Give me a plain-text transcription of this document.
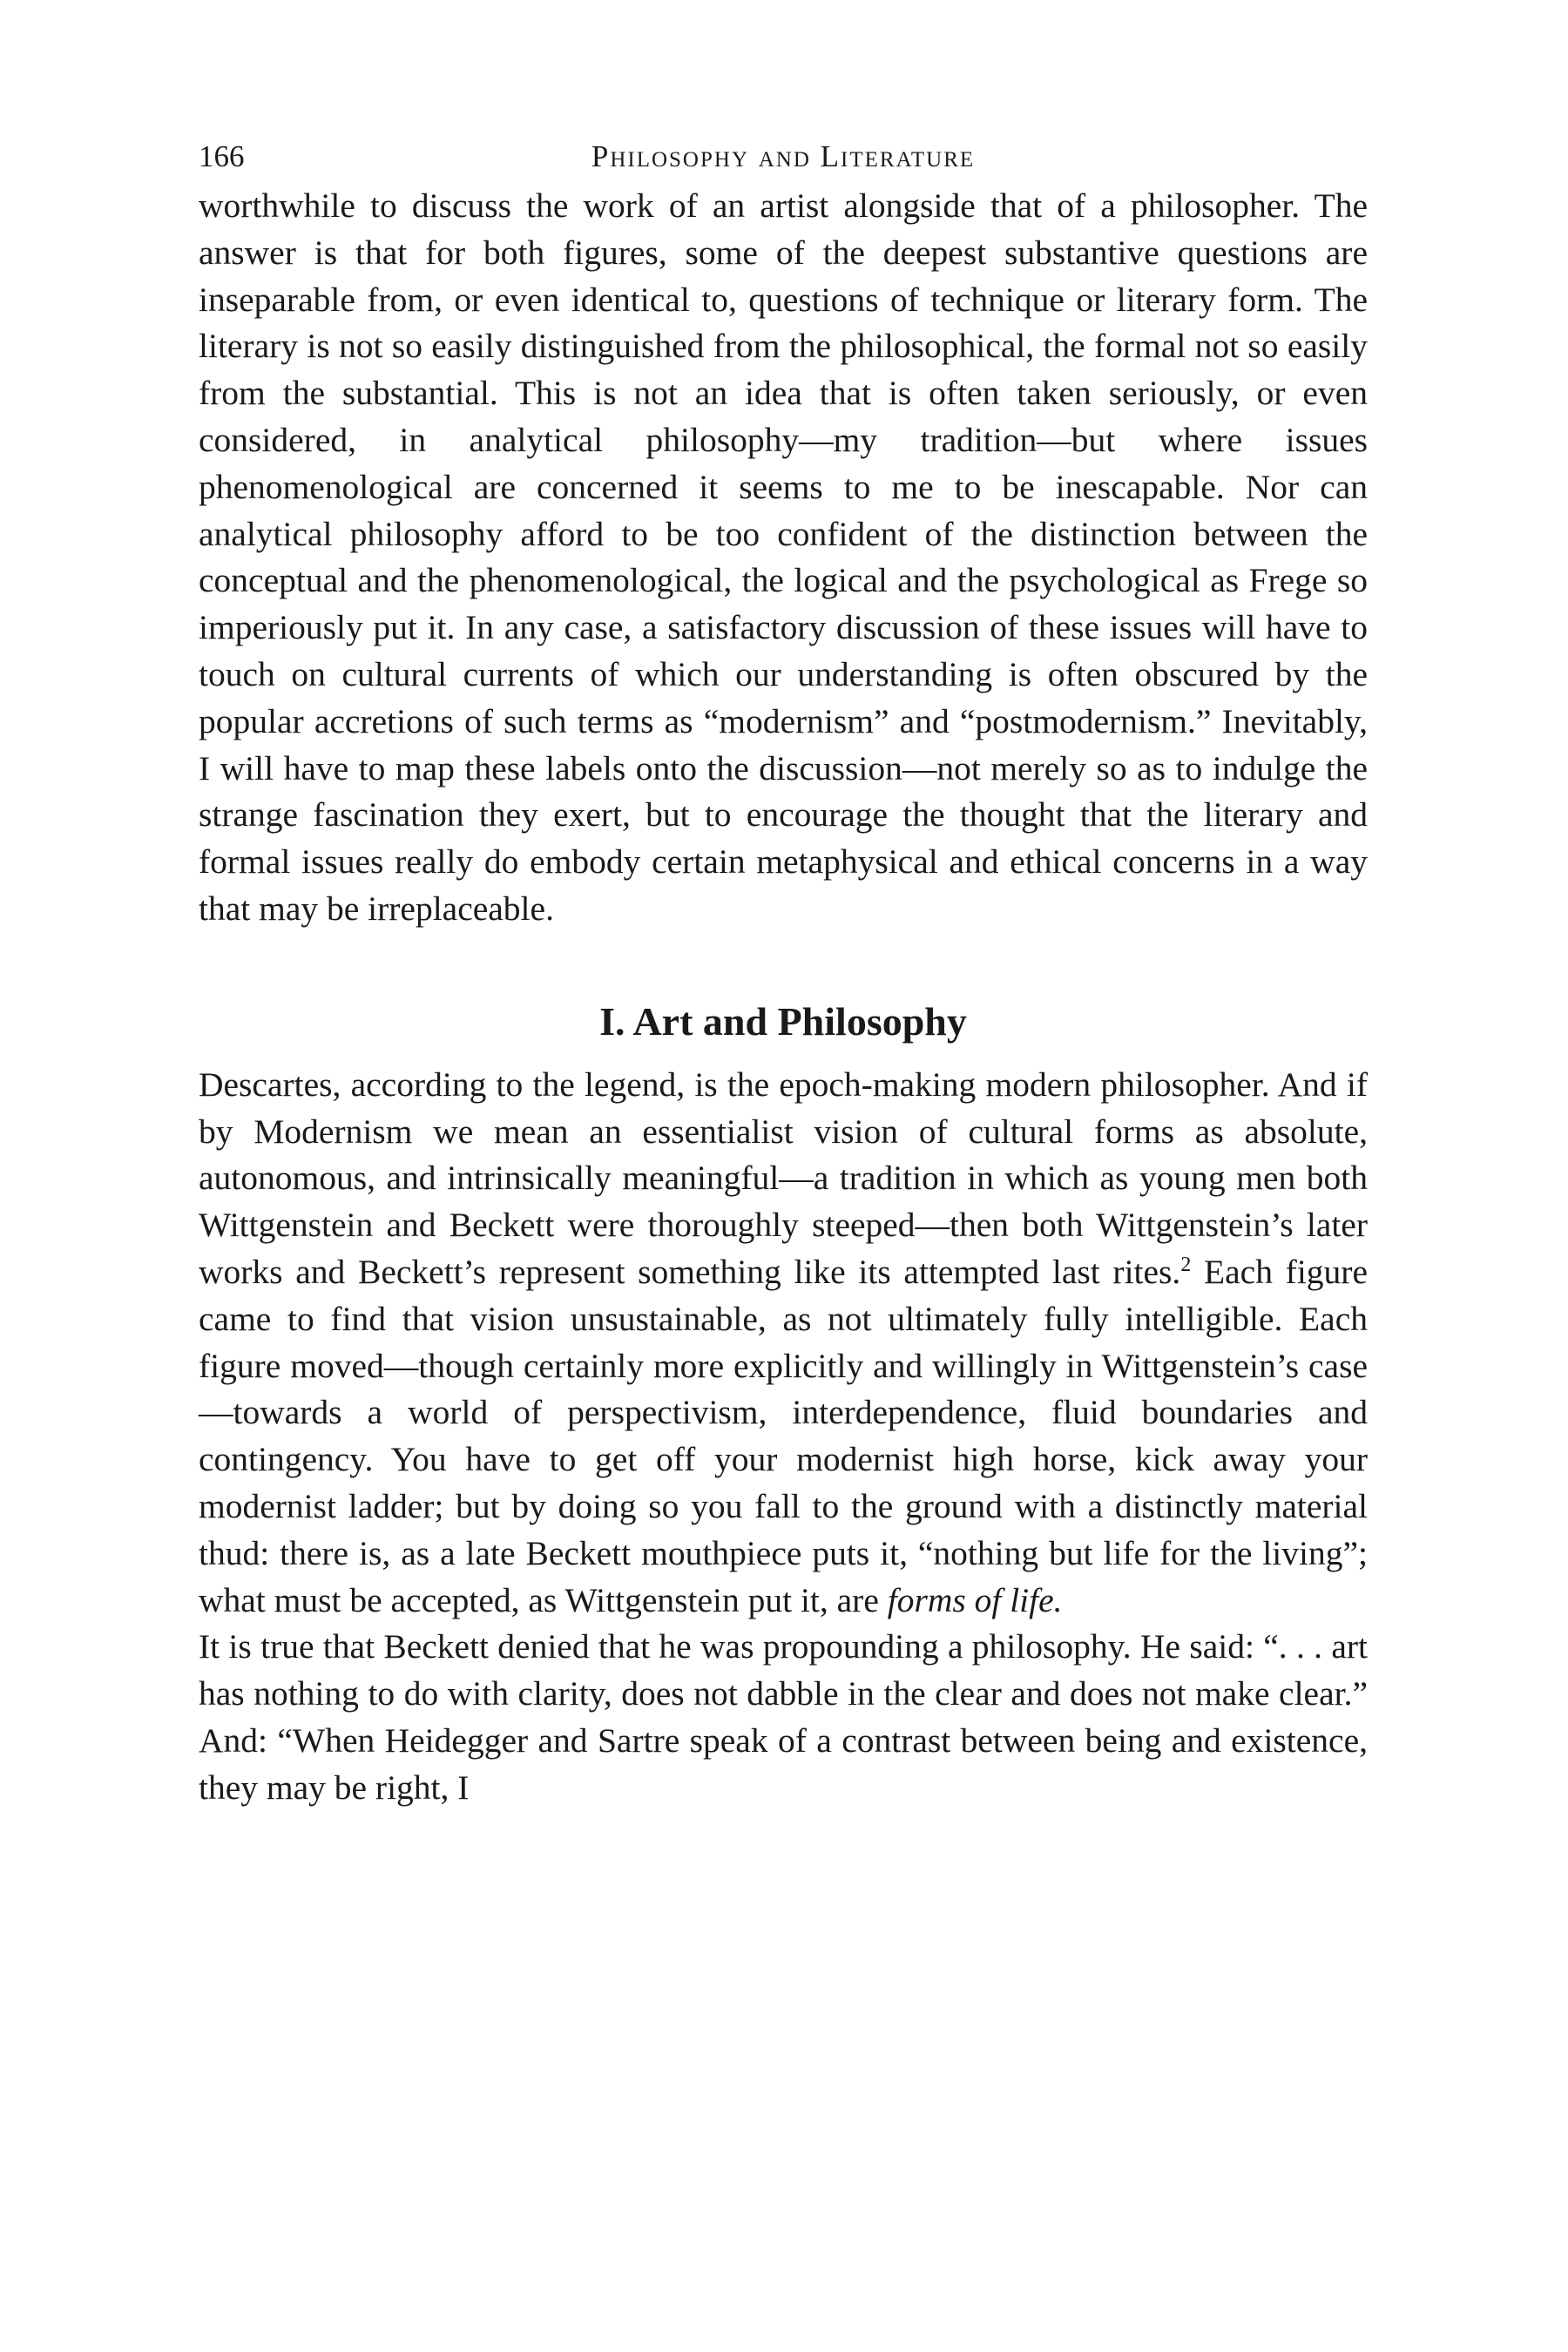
166	Philosophy and Literature

worthwhile to discuss the work of an artist alongside that of a philosopher. The answer is that for both figures, some of the deepest substantive questions are inseparable from, or even identical to, questions of technique or literary form. The literary is not so easily distinguished from the philosophical, the formal not so easily from the substantial. This is not an idea that is often taken seriously, or even considered, in analytical philosophy—my tradition—but where issues phenomenological are concerned it seems to me to be inescapable. Nor can analytical philosophy afford to be too confident of the distinction between the conceptual and the phenomenological, the logical and the psychological as Frege so imperiously put it. In any case, a satisfactory discussion of these issues will have to touch on cultural currents of which our understanding is often obscured by the popular accretions of such terms as “modernism” and “postmodernism.” Inevitably, I will have to map these labels onto the discussion—not merely so as to indulge the strange fascination they exert, but to encourage the thought that the literary and formal issues really do embody certain metaphysical and ethical concerns in a way that may be irreplaceable.

I. Art and Philosophy

Descartes, according to the legend, is the epoch-making modern philosopher. And if by Modernism we mean an essentialist vision of cultural forms as absolute, autonomous, and intrinsically meaningful—a tradition in which as young men both Wittgenstein and Beckett were thoroughly steeped—then both Wittgenstein’s later works and Beckett’s represent something like its attempted last rites.$^2$ Each figure came to find that vision unsustainable, as not ultimately fully intelligible. Each figure moved—though certainly more explicitly and willingly in Wittgenstein’s case—towards a world of perspectivism, interdependence, fluid boundaries and contingency. You have to get off your modernist high horse, kick away your modernist ladder; but by doing so you fall to the ground with a distinctly material thud: there is, as a late Beckett mouthpiece puts it, “nothing but life for the living”; what must be accepted, as Wittgenstein put it, are forms of life.

It is true that Beckett denied that he was propounding a philosophy. He said: “. . . art has nothing to do with clarity, does not dabble in the clear and does not make clear.” And: “When Heidegger and Sartre speak of a contrast between being and existence, they may be right, I
